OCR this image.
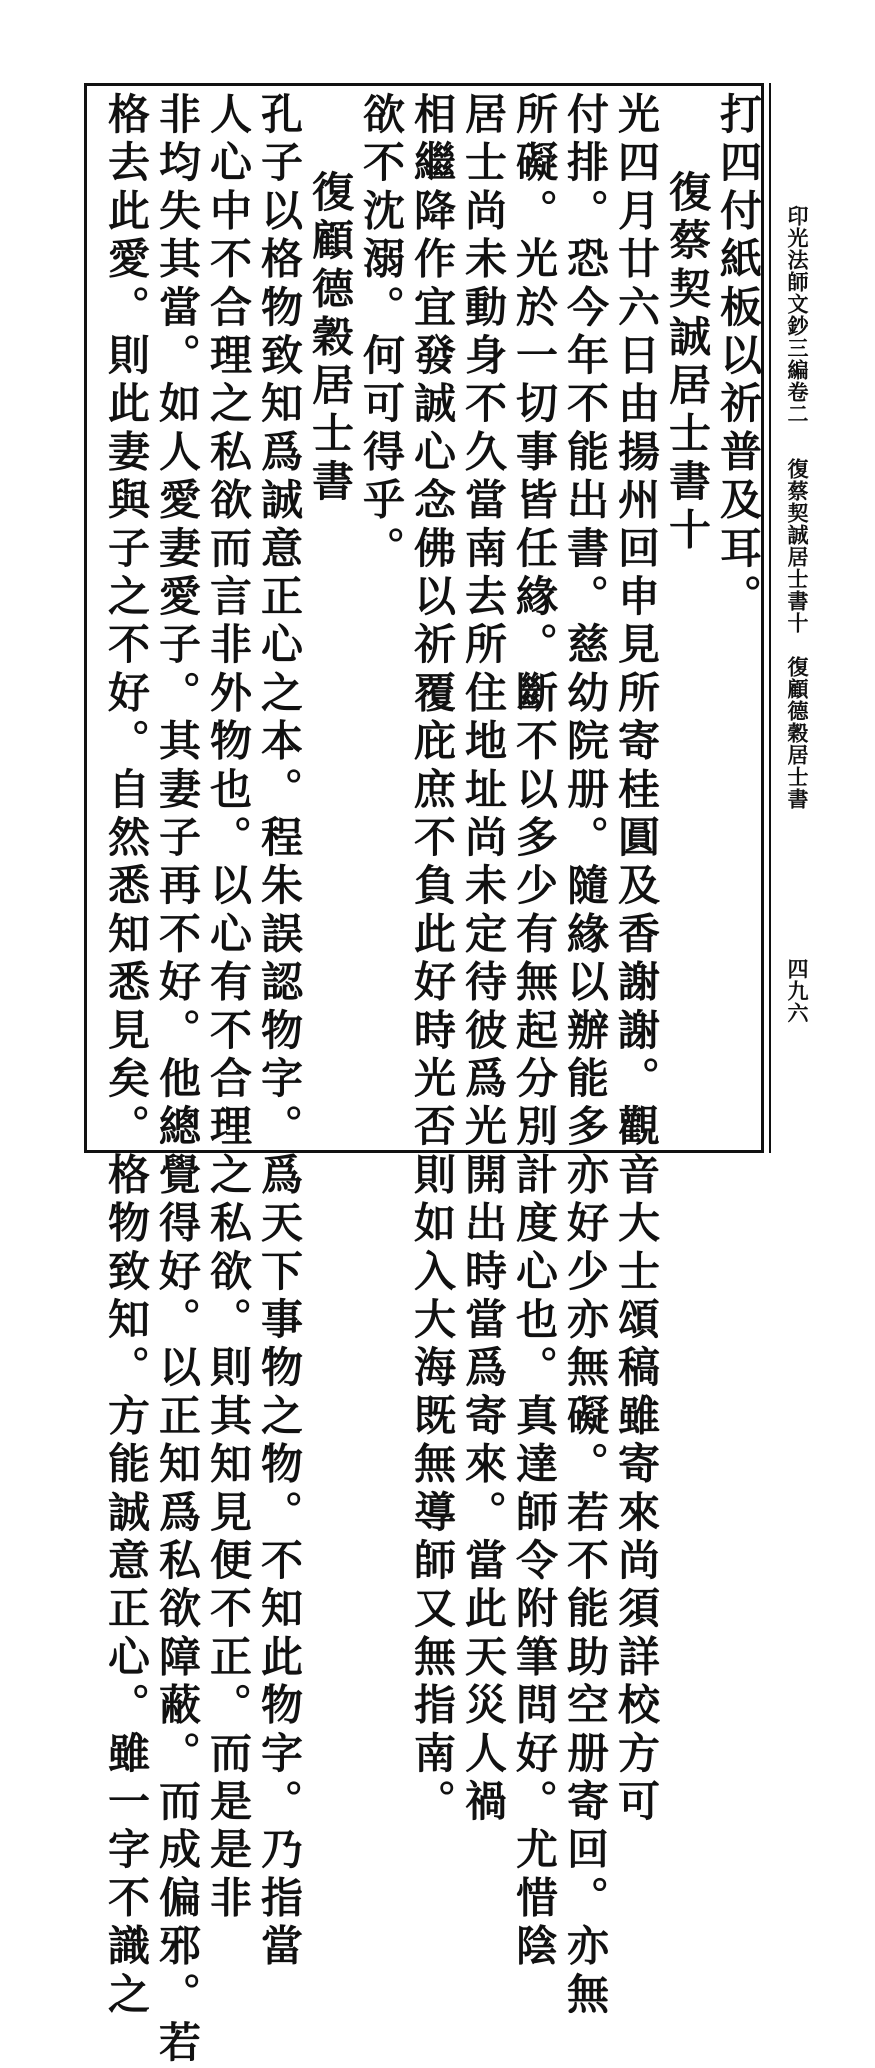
印光法師文鈔三編卷二
復蔡契誠居士書十　復顧德穀居士書
四九六
打四付紙板以祈普及耳。
復蔡契誠居士書十
光四月廿六日由揚州回申見所寄桂圓及香謝謝。觀音大士頌稿雖寄來尚須詳校方可
付排。恐今年不能出書。慈幼院册。隨緣以辦能多亦好少亦無礙。若不能助空册寄回。亦無
所礙。光於一切事皆任緣。斷不以多少有無起分別計度心也。真達師令附筆問好。尤惜陰
居士尚未動身不久當南去所住地址尚未定待彼爲光開出時當爲寄來。當此天災人禍
相繼降作宜發誠心念佛以祈覆庇庶不負此好時光否則如入大海既無導師又無指南。
欲不沈溺。何可得乎。
復顧德穀居士書
孔子以格物致知爲誠意正心之本。程朱誤認物字。爲天下事物之物。不知此物字。乃指當
人心中不合理之私欲而言非外物也。以心有不合理之私欲。則其知見便不正。而是是非
非均失其當。如人愛妻愛子。其妻子再不好。他總覺得好。以正知爲私欲障蔽。而成偏邪。若
格去此愛。則此妻與子之不好。自然悉知悉見矣。格物致知。方能誠意正心。雖一字不識之
